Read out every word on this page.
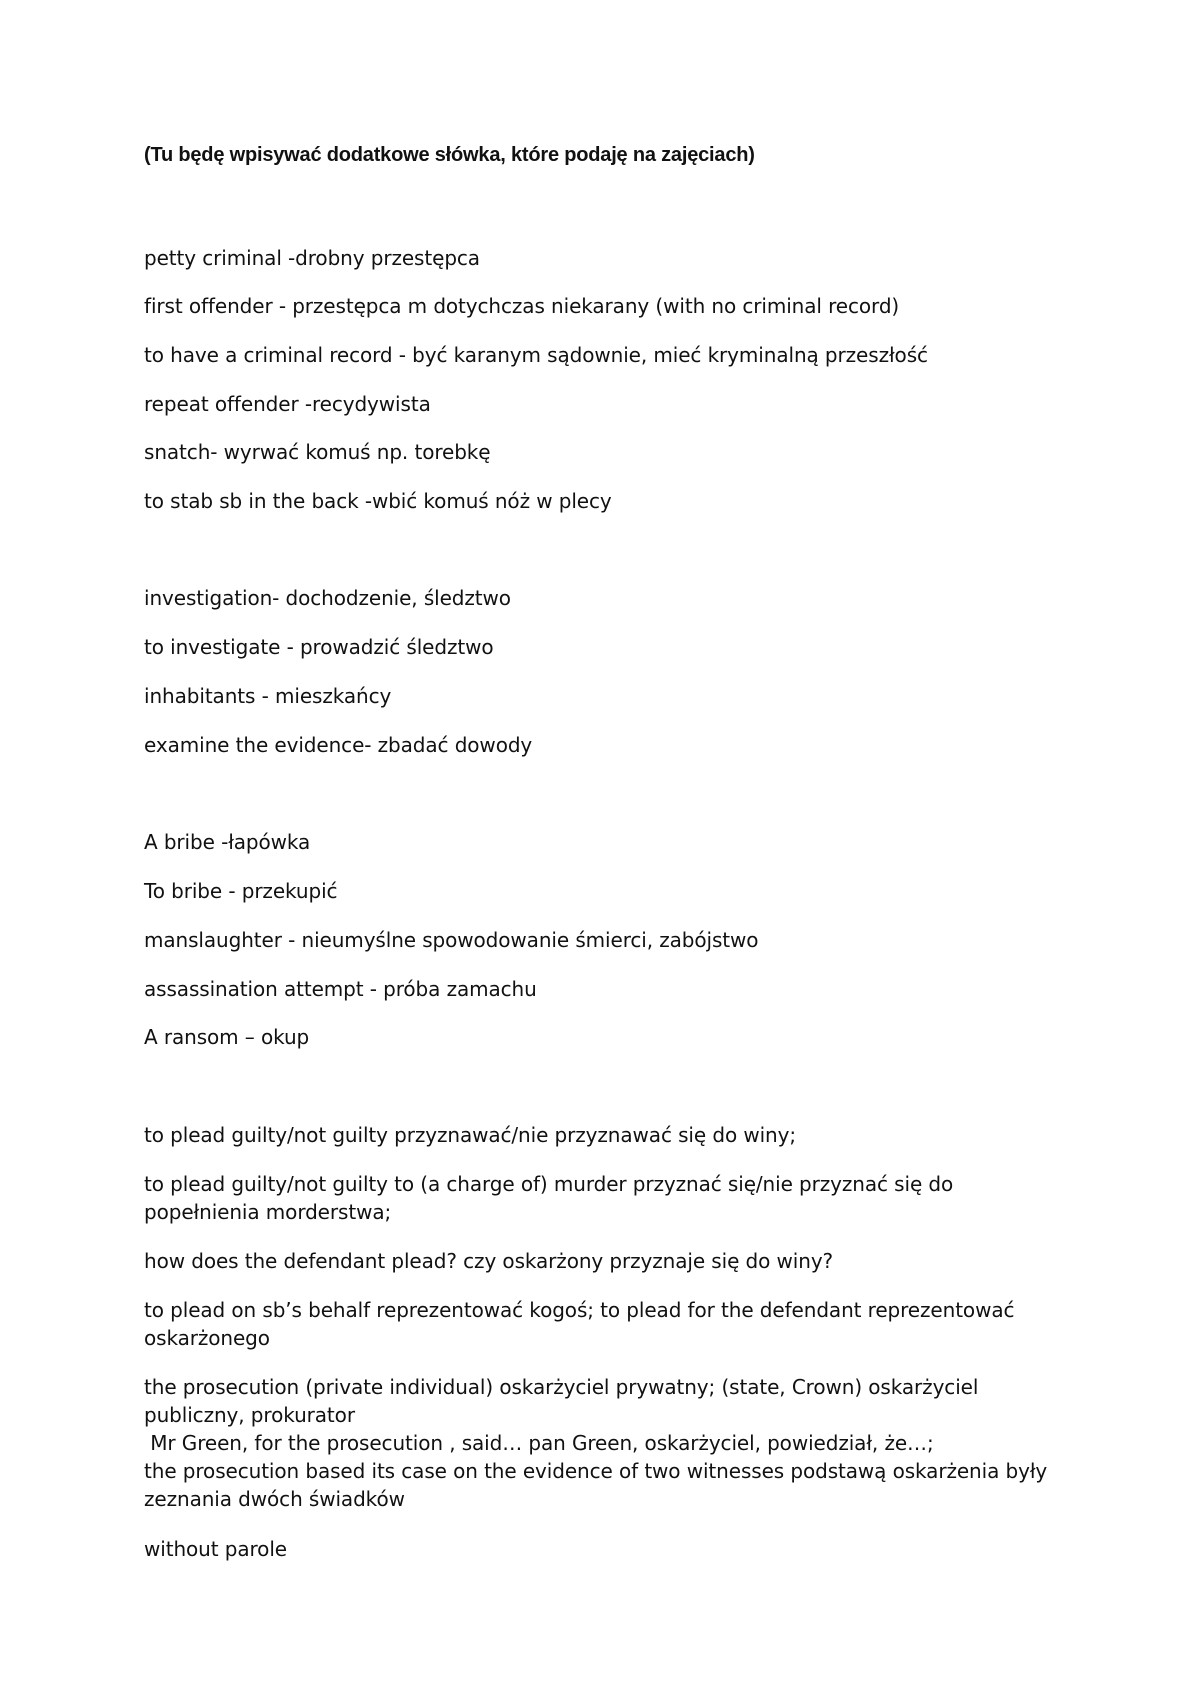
(Tu będę wpisywać dodatkowe słówka, które podaję na zajęciach)
petty criminal -drobny przestępca
first offender - przestępca m dotychczas niekarany (with no criminal record)
to have a criminal record - być karanym sądownie, mieć kryminalną przeszłość
repeat offender -recydywista
snatch- wyrwać komuś np. torebkę
to stab sb in the back -wbić komuś nóż w plecy
investigation- dochodzenie, śledztwo
to investigate - prowadzić śledztwo
inhabitants - mieszkańcy
examine the evidence- zbadać dowody
A bribe -łapówka
To bribe - przekupić
manslaughter - nieumyślne spowodowanie śmierci, zabójstwo
assassination attempt - próba zamachu
A ransom – okup
to plead guilty/not guilty przyznawać/nie przyznawać się do winy;
to plead guilty/not guilty to (a charge of) murder przyznać się/nie przyznać się do popełnienia morderstwa;
how does the defendant plead? czy oskarżony przyznaje się do winy?
to plead on sb’s behalf reprezentować kogoś; to plead for the defendant reprezentować oskarżonego
the prosecution (private individual) oskarżyciel prywatny; (state, Crown) oskarżyciel publiczny, prokurator
Mr Green, for the prosecution , said… pan Green, oskarżyciel, powiedział, że…;
the prosecution based its case on the evidence of two witnesses podstawą oskarżenia były zeznania dwóch świadków
without parole
